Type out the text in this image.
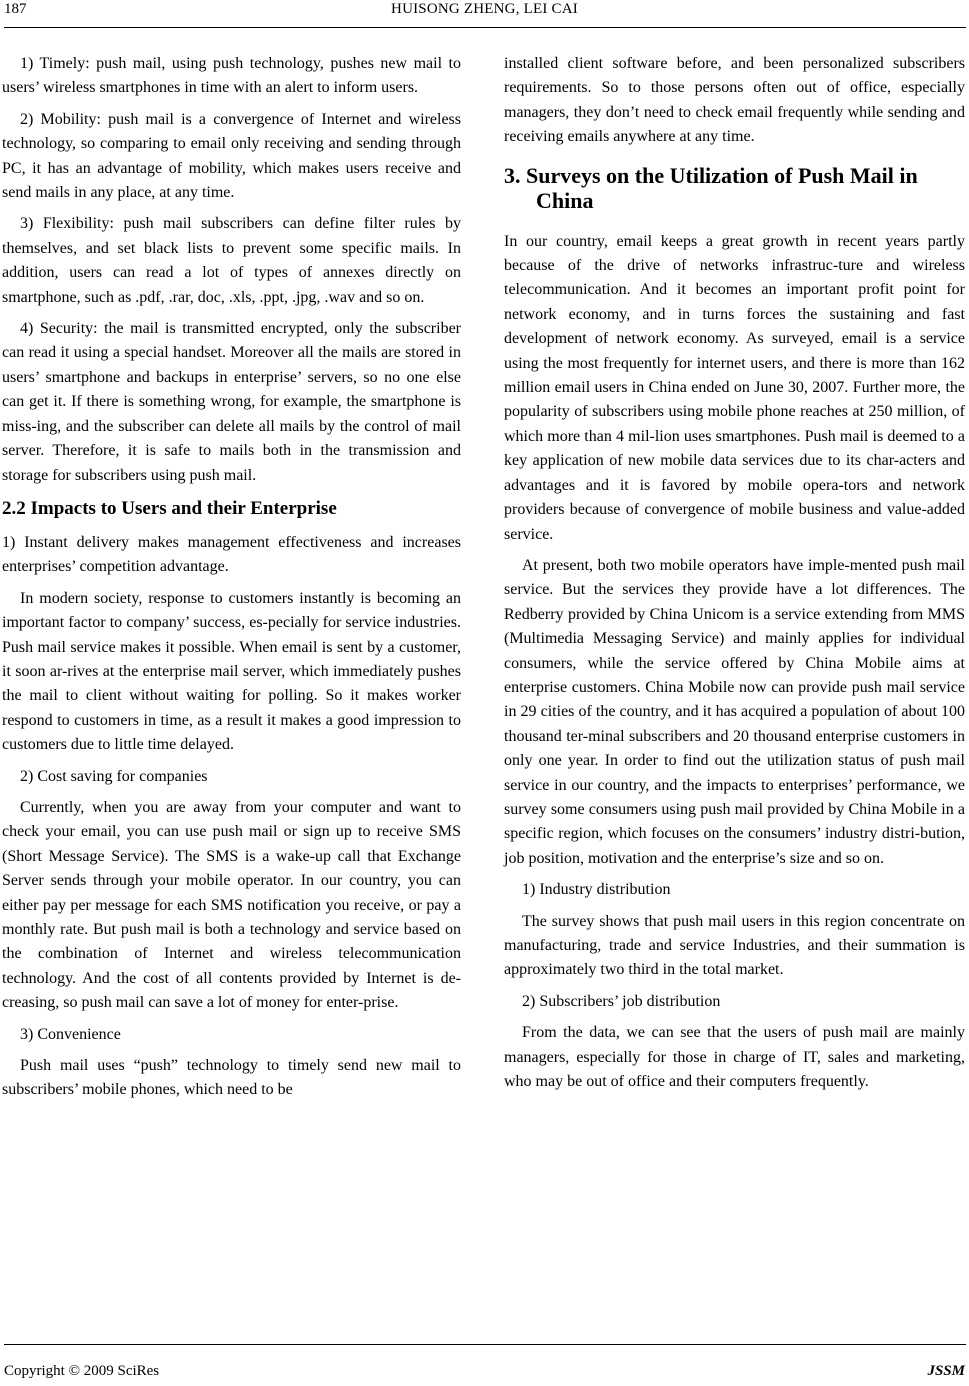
187	HUISONG ZHENG, LEI CAI

1) Timely: push mail, using push technology, pushes new mail to users’ wireless smartphones in time with an alert to inform users.

2) Mobility: push mail is a convergence of Internet and wireless technology, so comparing to email only receiving and sending through PC, it has an advantage of mobility, which makes users receive and send mails in any place, at any time.

3) Flexibility: push mail subscribers can define filter rules by themselves, and set black lists to prevent some specific mails. In addition, users can read a lot of types of annexes directly on smartphone, such as .pdf, .rar, doc, .xls, .ppt, .jpg, .wav and so on.

4) Security: the mail is transmitted encrypted, only the subscriber can read it using a special handset. Moreover all the mails are stored in users’ smartphone and backups in enterprise’ servers, so no one else can get it. If there is something wrong, for example, the smartphone is miss-ing, and the subscriber can delete all mails by the control of mail server. Therefore, it is safe to mails both in the transmission and storage for subscribers using push mail.

2.2 Impacts to Users and their Enterprise

1) Instant delivery makes management effectiveness and increases enterprises’ competition advantage.

In modern society, response to customers instantly is becoming an important factor to company’ success, es-pecially for service industries. Push mail service makes it possible. When email is sent by a customer, it soon ar-rives at the enterprise mail server, which immediately pushes the mail to client without waiting for polling. So it makes worker respond to customers in time, as a result it makes a good impression to customers due to little time delayed.

2) Cost saving for companies

Currently, when you are away from your computer and want to check your email, you can use push mail or sign up to receive SMS (Short Message Service). The SMS is a wake-up call that Exchange Server sends through your mobile operator. In our country, you can either pay per message for each SMS notification you receive, or pay a monthly rate. But push mail is both a technology and service based on the combination of Internet and wireless telecommunication technology. And the cost of all contents provided by Internet is de-creasing, so push mail can save a lot of money for enter-prise.

3) Convenience

Push mail uses “push” technology to timely send new mail to subscribers’ mobile phones, which need to be

installed client software before, and been personalized subscribers requirements. So to those persons often out of office, especially managers, they don’t need to check email frequently while sending and receiving emails anywhere at any time.

3. Surveys on the Utilization of Push Mail in China

In our country, email keeps a great growth in recent years partly because of the drive of networks infrastruc-ture and wireless telecommunication. And it becomes an important profit point for network economy, and in turns forces the sustaining and fast development of network economy. As surveyed, email is a service using the most frequently for internet users, and there is more than 162 million email users in China ended on June 30, 2007. Further more, the popularity of subscribers using mobile phone reaches at 250 million, of which more than 4 mil-lion uses smartphones. Push mail is deemed to a key application of new mobile data services due to its char-acters and advantages and it is favored by mobile opera-tors and network providers because of convergence of mobile business and value-added service.

At present, both two mobile operators have imple-mented push mail service. But the services they provide have a lot differences. The Redberry provided by China Unicom is a service extending from MMS (Multimedia Messaging Service) and mainly applies for individual consumers, while the service offered by China Mobile aims at enterprise customers. China Mobile now can provide push mail service in 29 cities of the country, and it has acquired a population of about 100 thousand ter-minal subscribers and 20 thousand enterprise customers in only one year. In order to find out the utilization status of push mail service in our country, and the impacts to enterprises’ performance, we survey some consumers using push mail provided by China Mobile in a specific region, which focuses on the consumers’ industry distri-bution, job position, motivation and the enterprise’s size and so on.

1) Industry distribution

The survey shows that push mail users in this region concentrate on manufacturing, trade and service Industries, and their summation is approximately two third in the total market.

2) Subscribers’ job distribution

From the data, we can see that the users of push mail are mainly managers, especially for those in charge of IT, sales and marketing, who may be out of office and their computers frequently.

Copyright © 2009 SciRes	JSSM
